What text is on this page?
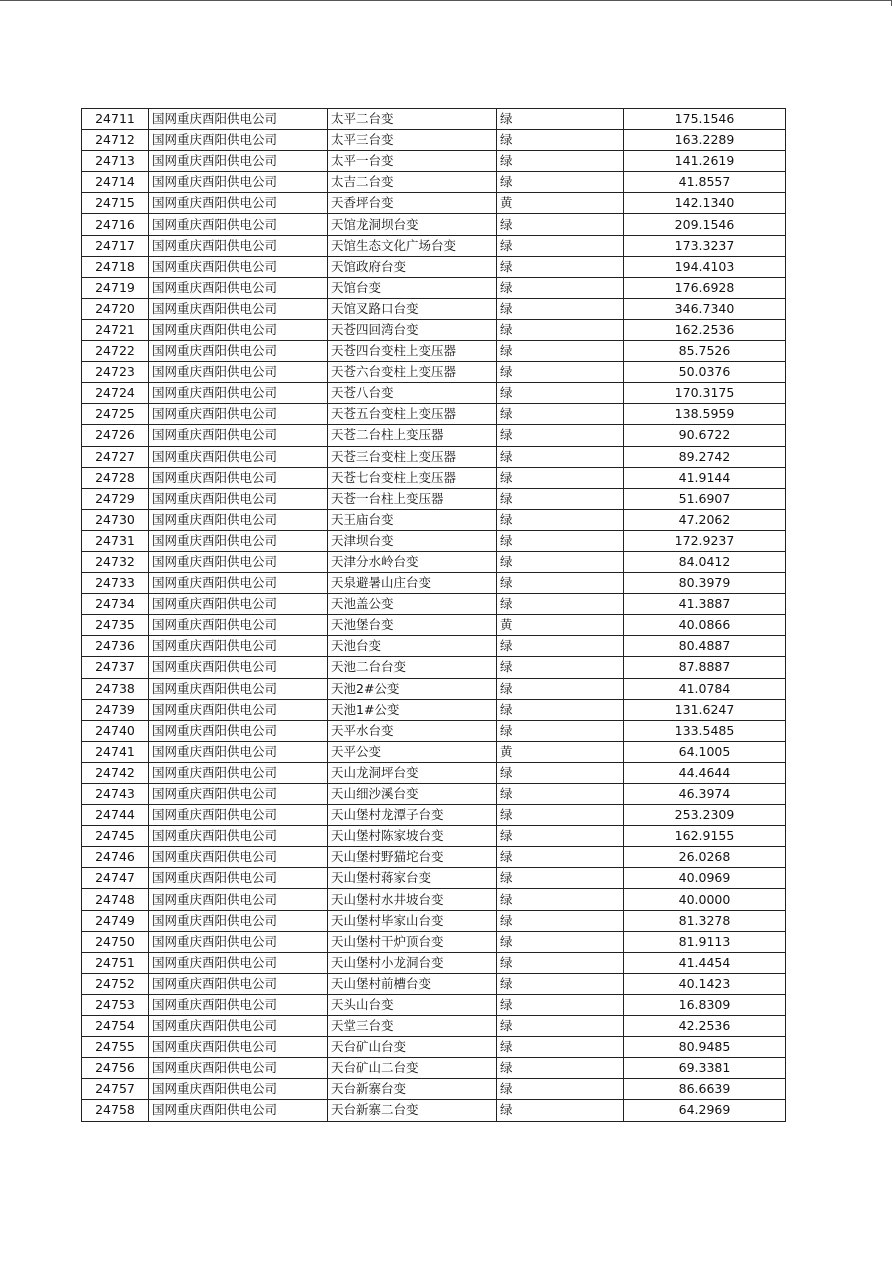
24711	国网重庆酉阳供电公司	太平二台变	绿	175.1546
24712	国网重庆酉阳供电公司	太平三台变	绿	163.2289
24713	国网重庆酉阳供电公司	太平一台变	绿	141.2619
24714	国网重庆酉阳供电公司	太吉二台变	绿	41.8557
24715	国网重庆酉阳供电公司	天香坪台变	黄	142.1340
24716	国网重庆酉阳供电公司	天馆龙洞坝台变	绿	209.1546
24717	国网重庆酉阳供电公司	天馆生态文化广场台变	绿	173.3237
24718	国网重庆酉阳供电公司	天馆政府台变	绿	194.4103
24719	国网重庆酉阳供电公司	天馆台变	绿	176.6928
24720	国网重庆酉阳供电公司	天馆叉路口台变	绿	346.7340
24721	国网重庆酉阳供电公司	天苍四回湾台变	绿	162.2536
24722	国网重庆酉阳供电公司	天苍四台变柱上变压器	绿	85.7526
24723	国网重庆酉阳供电公司	天苍六台变柱上变压器	绿	50.0376
24724	国网重庆酉阳供电公司	天苍八台变	绿	170.3175
24725	国网重庆酉阳供电公司	天苍五台变柱上变压器	绿	138.5959
24726	国网重庆酉阳供电公司	天苍二台柱上变压器	绿	90.6722
24727	国网重庆酉阳供电公司	天苍三台变柱上变压器	绿	89.2742
24728	国网重庆酉阳供电公司	天苍七台变柱上变压器	绿	41.9144
24729	国网重庆酉阳供电公司	天苍一台柱上变压器	绿	51.6907
24730	国网重庆酉阳供电公司	天王庙台变	绿	47.2062
24731	国网重庆酉阳供电公司	天津坝台变	绿	172.9237
24732	国网重庆酉阳供电公司	天津分水岭台变	绿	84.0412
24733	国网重庆酉阳供电公司	天泉避暑山庄台变	绿	80.3979
24734	国网重庆酉阳供电公司	天池盖公变	绿	41.3887
24735	国网重庆酉阳供电公司	天池堡台变	黄	40.0866
24736	国网重庆酉阳供电公司	天池台变	绿	80.4887
24737	国网重庆酉阳供电公司	天池二台台变	绿	87.8887
24738	国网重庆酉阳供电公司	天池2#公变	绿	41.0784
24739	国网重庆酉阳供电公司	天池1#公变	绿	131.6247
24740	国网重庆酉阳供电公司	天平水台变	绿	133.5485
24741	国网重庆酉阳供电公司	天平公变	黄	64.1005
24742	国网重庆酉阳供电公司	天山龙洞坪台变	绿	44.4644
24743	国网重庆酉阳供电公司	天山细沙溪台变	绿	46.3974
24744	国网重庆酉阳供电公司	天山堡村龙潭子台变	绿	253.2309
24745	国网重庆酉阳供电公司	天山堡村陈家坡台变	绿	162.9155
24746	国网重庆酉阳供电公司	天山堡村野猫坨台变	绿	26.0268
24747	国网重庆酉阳供电公司	天山堡村蒋家台变	绿	40.0969
24748	国网重庆酉阳供电公司	天山堡村水井坡台变	绿	40.0000
24749	国网重庆酉阳供电公司	天山堡村毕家山台变	绿	81.3278
24750	国网重庆酉阳供电公司	天山堡村干炉顶台变	绿	81.9113
24751	国网重庆酉阳供电公司	天山堡村小龙洞台变	绿	41.4454
24752	国网重庆酉阳供电公司	天山堡村前槽台变	绿	40.1423
24753	国网重庆酉阳供电公司	天头山台变	绿	16.8309
24754	国网重庆酉阳供电公司	天堂三台变	绿	42.2536
24755	国网重庆酉阳供电公司	天台矿山台变	绿	80.9485
24756	国网重庆酉阳供电公司	天台矿山二台变	绿	69.3381
24757	国网重庆酉阳供电公司	天台新寨台变	绿	86.6639
24758	国网重庆酉阳供电公司	天台新寨二台变	绿	64.2969
